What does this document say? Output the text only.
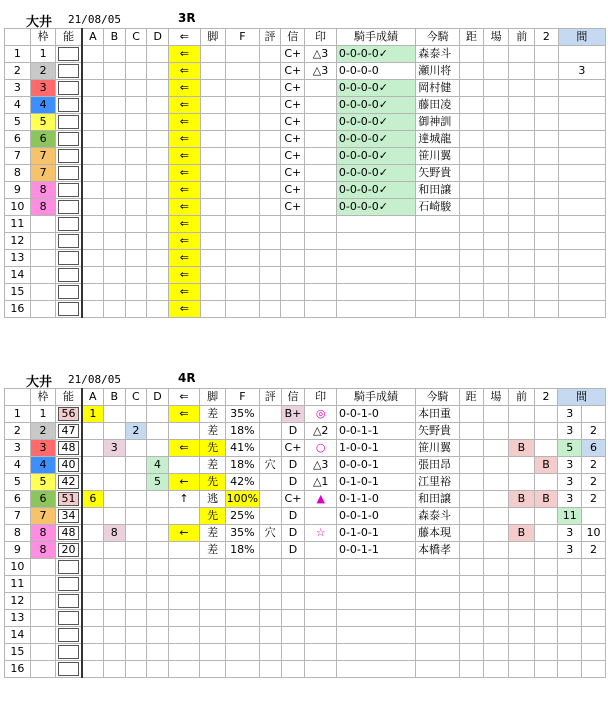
大井 21/08/05	3R
	枠	能	A	B	C	D	⇐	脚	F	評	信	印	騎手成績	今騎	距	場	前	2	間
1	1						⇐				C+	△3	0-0-0-0✓	森泰斗					
2	2						⇐				C+	△3	0-0-0-0	瀬川将					3
3	3						⇐				C+		0-0-0-0✓	岡村健					
4	4						⇐				C+		0-0-0-0✓	藤田凌					
5	5						⇐				C+		0-0-0-0✓	御神訓					
6	6						⇐				C+		0-0-0-0✓	達城龍					
7	7						⇐				C+		0-0-0-0✓	笹川翼					
8	7						⇐				C+		0-0-0-0✓	矢野貴					
9	8						⇐				C+		0-0-0-0✓	和田譲					
10	8						⇐				C+		0-0-0-0✓	石崎駿					
11							⇐												
12							⇐												
13							⇐												
14							⇐												
15							⇐												
16							⇐												
大井 21/08/05	4R
	枠	能	A	B	C	D	⇐	脚	F	評	信	印	騎手成績	今騎	距	場	前	2	間	
1	1	56	1				⇐	差	35%		B+	◎	0-0-1-0	本田重					3	
2	2	47			2			差	18%		D	△2	0-0-1-1	矢野貴					3	2
3	3	48		3			⇐	先	41%		C+	○	1-0-0-1	笹川翼			B		5	6
4	4	40				4		差	18%	穴	D	△3	0-0-0-1	張田昂				B	3	2
5	5	42				5	←	先	42%		D	△1	0-1-0-1	江里裕					3	2
6	6	51	6				↑	逃	100%		C+	▲	0-1-1-0	和田譲			B	B	3	2
7	7	34						先	25%		D		0-0-1-0	森泰斗					11	
8	8	48		8			←	差	35%	穴	D	☆	0-1-0-1	藤本現			B		3	10
9	8	20						差	18%		D		0-0-1-1	本橋孝					3	2
10		

11		

12		

13		

14		

15		

16		
